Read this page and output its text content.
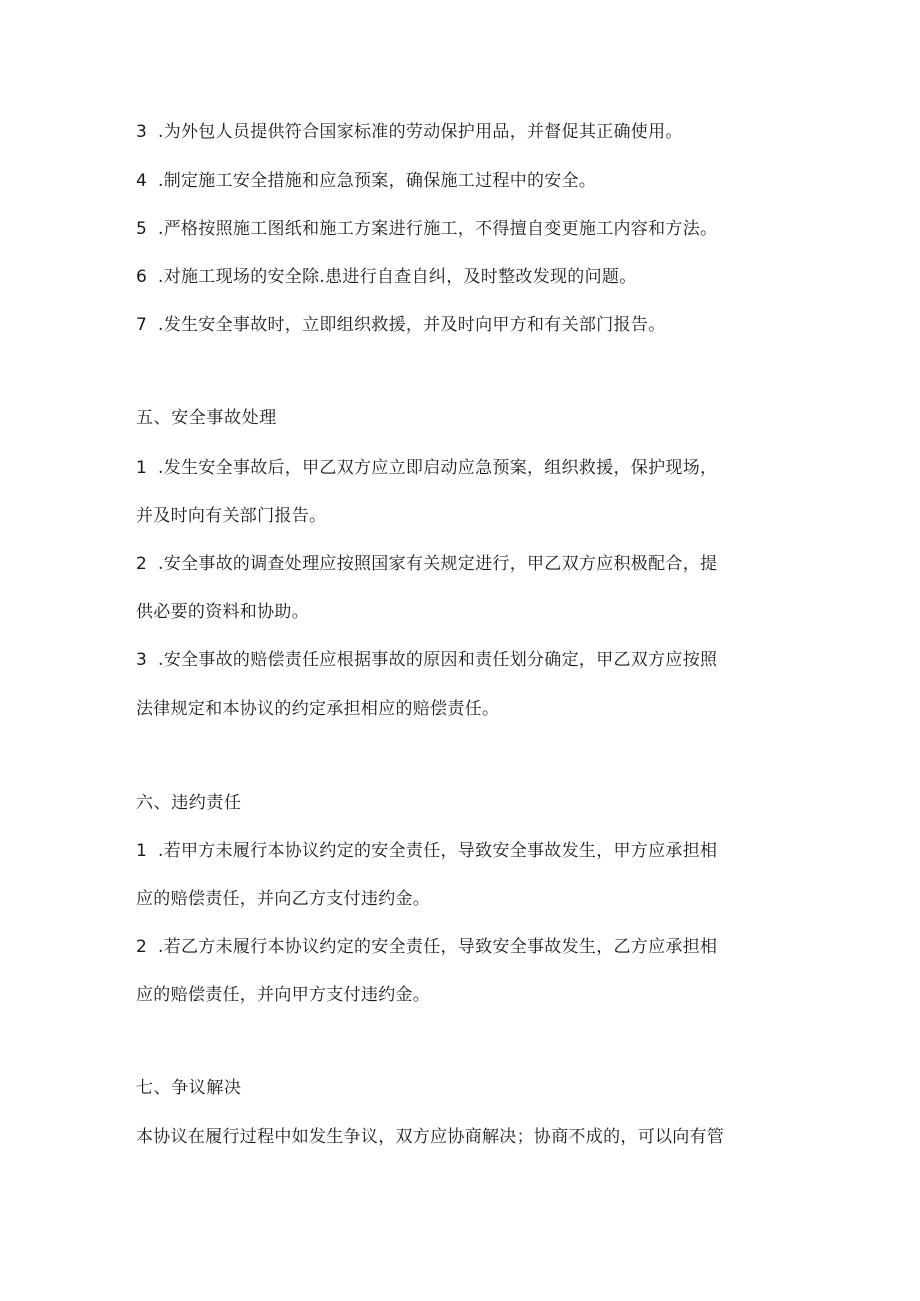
3 .为外包人员提供符合国家标准的劳动保护用品，并督促其正确使用。
4 .制定施工安全措施和应急预案，确保施工过程中的安全。
5 .严格按照施工图纸和施工方案进行施工，不得擅自变更施工内容和方法。
6 .对施工现场的安全除.患进行自查自纠，及时整改发现的问题。
7 .发生安全事故时，立即组织救援，并及时向甲方和有关部门报告。
五、安全事故处理
1 .发生安全事故后，甲乙双方应立即启动应急预案，组织救援，保护现场，
并及时向有关部门报告。
2 .安全事故的调查处理应按照国家有关规定进行，甲乙双方应积极配合，提
供必要的资料和协助。
3 .安全事故的赔偿责任应根据事故的原因和责任划分确定，甲乙双方应按照
法律规定和本协议的约定承担相应的赔偿责任。
六、违约责任
1 .若甲方未履行本协议约定的安全责任，导致安全事故发生，甲方应承担相
应的赔偿责任，并向乙方支付违约金。
2 .若乙方未履行本协议约定的安全责任，导致安全事故发生，乙方应承担相
应的赔偿责任，并向甲方支付违约金。
七、争议解决
本协议在履行过程中如发生争议，双方应协商解决；协商不成的，可以向有管
